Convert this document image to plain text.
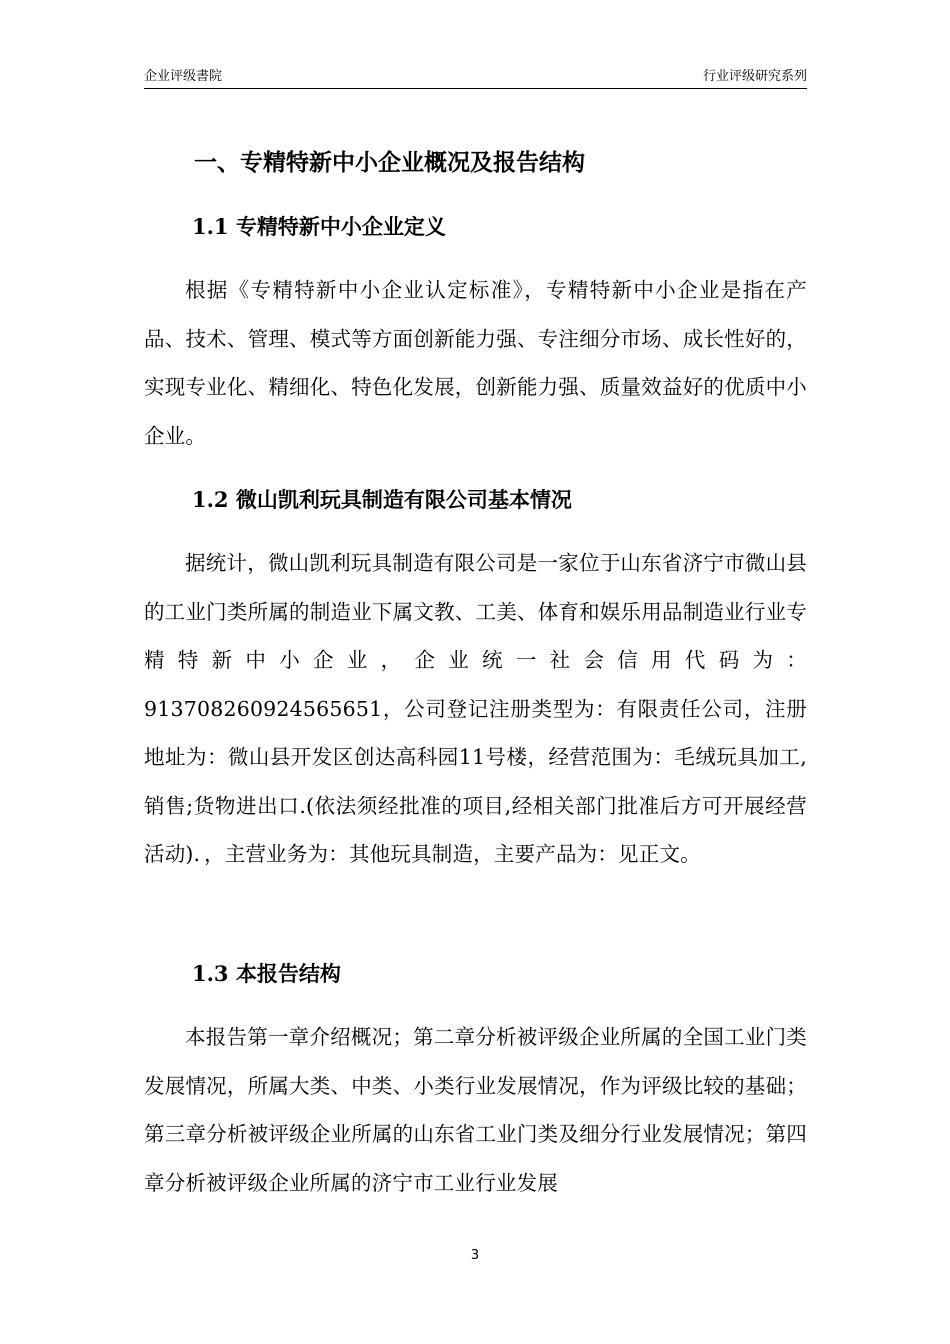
企业评级書院	行业评级研究系列
一、专精特新中小企业概况及报告结构
1.1 专精特新中小企业定义

根据《专精特新中小企业认定标准》，专精特新中小企业是指在产品、技术、管理、模式等方面创新能力强、专注细分市场、成长性好的，实现专业化、精细化、特色化发展，创新能力强、质量效益好的优质中小企业。

1.2 微山凯利玩具制造有限公司基本情况

据统计，微山凯利玩具制造有限公司是一家位于山东省济宁市微山县的工业门类所属的制造业下属文教、工美、体育和娱乐用品制造业行业专精特新中小企业，企业统一社会信用代码为：913708260924565651，公司登记注册类型为：有限责任公司，注册地址为：微山县开发区创达高科园11号楼，经营范围为：毛绒玩具加工,销售;货物进出口.(依法须经批准的项目,经相关部门批准后方可开展经营活动)．，主营业务为：其他玩具制造，主要产品为：见正文。

1.3 本报告结构

本报告第一章介绍概况；第二章分析被评级企业所属的全国工业门类发展情况，所属大类、中类、小类行业发展情况，作为评级比较的基础；第三章分析被评级企业所属的山东省工业门类及细分行业发展情况；第四章分析被评级企业所属的济宁市工业行业发展

3
